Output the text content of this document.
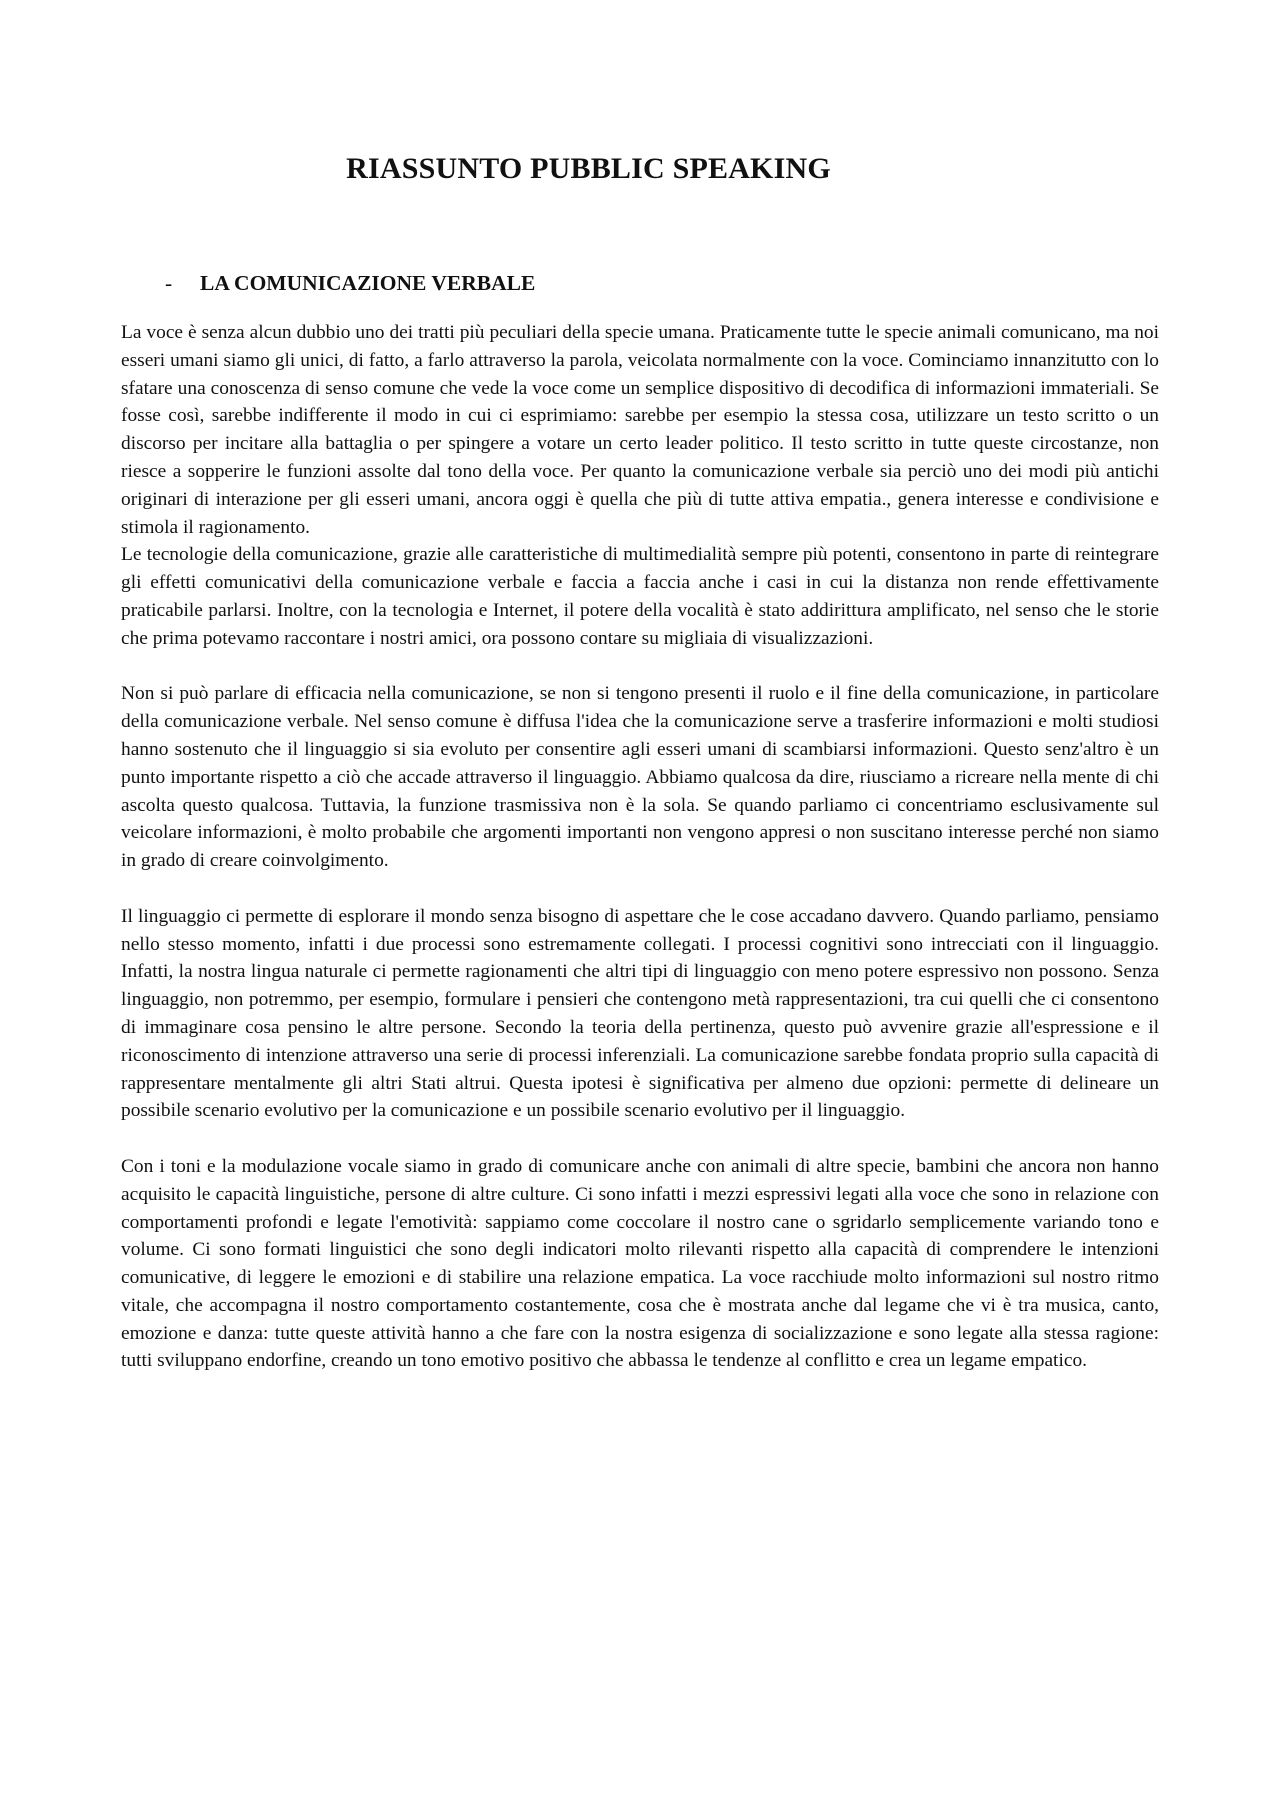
RIASSUNTO PUBBLIC SPEAKING
- LA COMUNICAZIONE VERBALE

La voce è senza alcun dubbio uno dei tratti più peculiari della specie umana. Praticamente tutte le specie animali comunicano, ma noi esseri umani siamo gli unici, di fatto, a farlo attraverso la parola, veicolata normalmente con la voce. Cominciamo innanzitutto con lo sfatare una conoscenza di senso comune che vede la voce come un semplice dispositivo di decodifica di informazioni immateriali. Se fosse così, sarebbe indifferente il modo in cui ci esprimiamo: sarebbe per esempio la stessa cosa, utilizzare un testo scritto o un discorso per incitare alla battaglia o per spingere a votare un certo leader politico. Il testo scritto in tutte queste circostanze, non riesce a sopperire le funzioni assolte dal tono della voce. Per quanto la comunicazione verbale sia perciò uno dei modi più antichi originari di interazione per gli esseri umani, ancora oggi è quella che più di tutte attiva empatia., genera interesse e condivisione e stimola il ragionamento.

Le tecnologie della comunicazione, grazie alle caratteristiche di multimedialità sempre più potenti, consentono in parte di reintegrare gli effetti comunicativi della comunicazione verbale e faccia a faccia anche i casi in cui la distanza non rende effettivamente praticabile parlarsi. Inoltre, con la tecnologia e Internet, il potere della vocalità è stato addirittura amplificato, nel senso che le storie che prima potevamo raccontare i nostri amici, ora possono contare su migliaia di visualizzazioni.

Non si può parlare di efficacia nella comunicazione, se non si tengono presenti il ruolo e il fine della comunicazione, in particolare della comunicazione verbale. Nel senso comune è diffusa l'idea che la comunicazione serve a trasferire informazioni e molti studiosi hanno sostenuto che il linguaggio si sia evoluto per consentire agli esseri umani di scambiarsi informazioni. Questo senz'altro è un punto importante rispetto a ciò che accade attraverso il linguaggio. Abbiamo qualcosa da dire, riusciamo a ricreare nella mente di chi ascolta questo qualcosa. Tuttavia, la funzione trasmissiva non è la sola. Se quando parliamo ci concentriamo esclusivamente sul veicolare informazioni, è molto probabile che argomenti importanti non vengono appresi o non suscitano interesse perché non siamo in grado di creare coinvolgimento.

Il linguaggio ci permette di esplorare il mondo senza bisogno di aspettare che le cose accadano davvero. Quando parliamo, pensiamo nello stesso momento, infatti i due processi sono estremamente collegati. I processi cognitivi sono intrecciati con il linguaggio. Infatti, la nostra lingua naturale ci permette ragionamenti che altri tipi di linguaggio con meno potere espressivo non possono. Senza linguaggio, non potremmo, per esempio, formulare i pensieri che contengono metà rappresentazioni, tra cui quelli che ci consentono di immaginare cosa pensino le altre persone. Secondo la teoria della pertinenza, questo può avvenire grazie all'espressione e il riconoscimento di intenzione attraverso una serie di processi inferenziali. La comunicazione sarebbe fondata proprio sulla capacità di rappresentare mentalmente gli altri Stati altrui. Questa ipotesi è significativa per almeno due opzioni: permette di delineare un possibile scenario evolutivo per la comunicazione e un possibile scenario evolutivo per il linguaggio.

Con i toni e la modulazione vocale siamo in grado di comunicare anche con animali di altre specie, bambini che ancora non hanno acquisito le capacità linguistiche, persone di altre culture. Ci sono infatti i mezzi espressivi legati alla voce che sono in relazione con comportamenti profondi e legate l'emotività: sappiamo come coccolare il nostro cane o sgridarlo semplicemente variando tono e volume. Ci sono formati linguistici che sono degli indicatori molto rilevanti rispetto alla capacità di comprendere le intenzioni comunicative, di leggere le emozioni e di stabilire una relazione empatica. La voce racchiude molto informazioni sul nostro ritmo vitale, che accompagna il nostro comportamento costantemente, cosa che è mostrata anche dal legame che vi è tra musica, canto, emozione e danza: tutte queste attività hanno a che fare con la nostra esigenza di socializzazione e sono legate alla stessa ragione: tutti sviluppano endorfine, creando un tono emotivo positivo che abbassa le tendenze al conflitto e crea un legame empatico.
